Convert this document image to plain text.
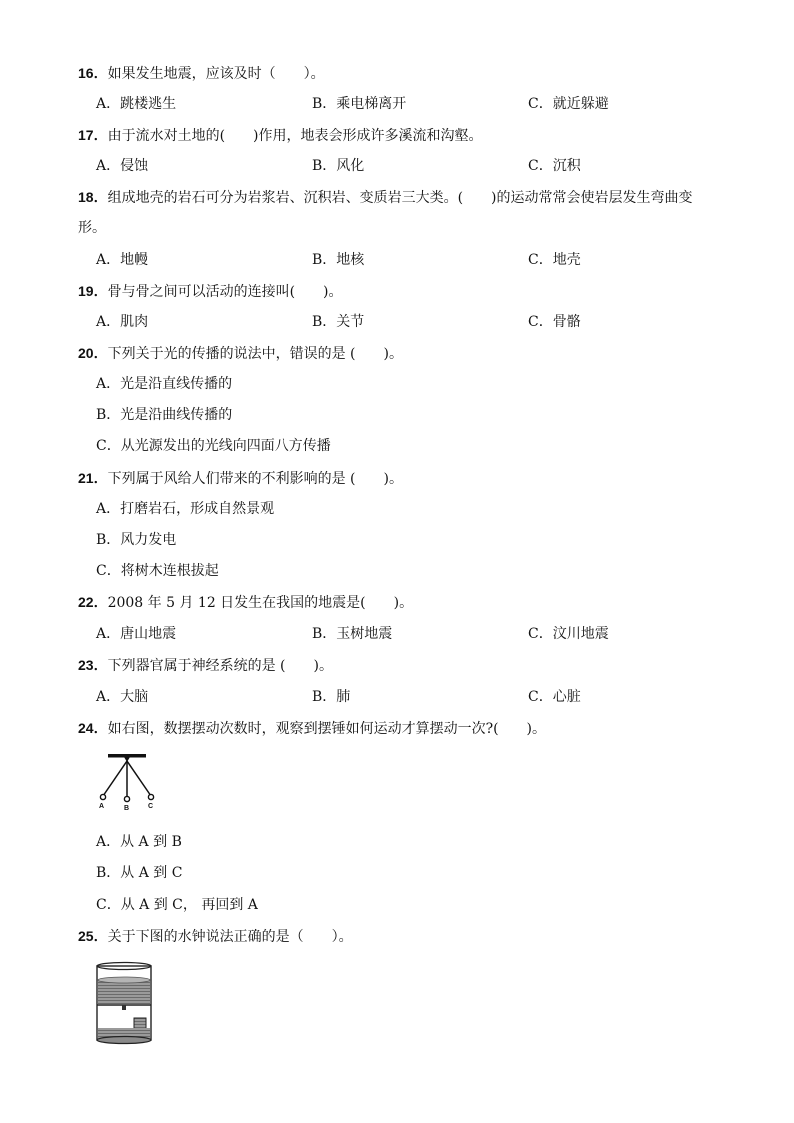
16．如果发生地震，应该及时（　　）。
A．跳楼逃生	B．乘电梯离开	C．就近躲避
17．由于流水对土地的(　　)作用，地表会形成许多溪流和沟壑。
A．侵蚀	B．风化	C．沉积
18．组成地壳的岩石可分为岩浆岩、沉积岩、变质岩三大类。(　　)的运动常常会使岩层发生弯曲变
形。
A．地幔	B．地核	C．地壳
19．骨与骨之间可以活动的连接叫(　　)。
A．肌肉	B．关节	C．骨骼
20．下列关于光的传播的说法中，错误的是 (　　)。
A．光是沿直线传播的
B．光是沿曲线传播的
C．从光源发出的光线向四面八方传播
21．下列属于风给人们带来的不利影响的是 (　　)。
A．打磨岩石，形成自然景观
B．风力发电
C．将树木连根拔起
22．2008 年 5 月 12 日发生在我国的地震是(　　)。
A．唐山地震	B．玉树地震	C．汶川地震
23．下列器官属于神经系统的是 (　　)。
A．大脑	B．肺	C．心脏
24．如右图，数摆摆动次数时，观察到摆锤如何运动才算摆动一次?(　　)。
A	B	C
A．从 A 到 B
B．从 A 到 C
C．从 A 到 C， 再回到 A
25．关于下图的水钟说法正确的是（　　）。
